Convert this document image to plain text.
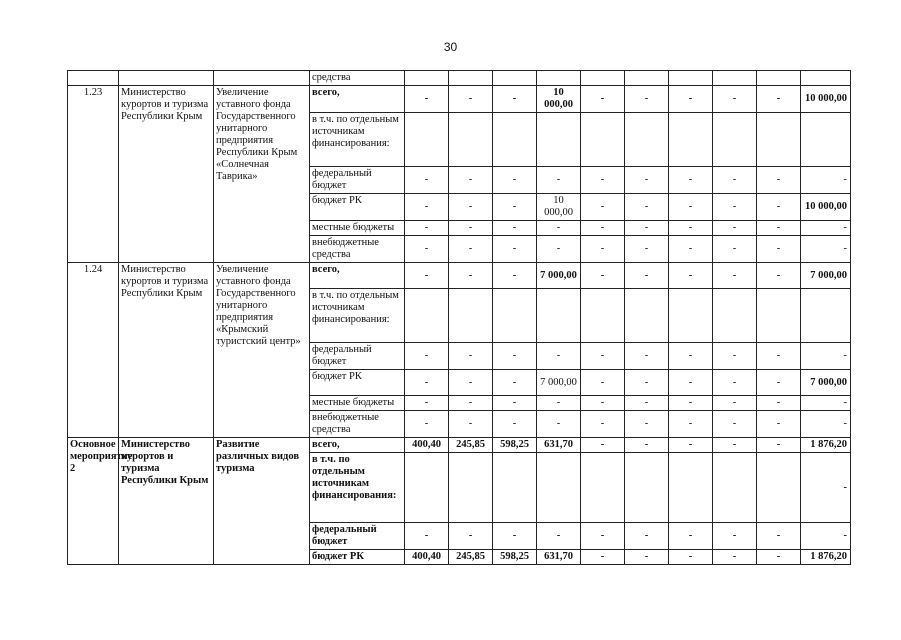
30
			средства										
1.23	Министерство курортов и туризма Республики Крым	Увеличение уставного фонда Государственного унитарного предприятия Республики Крым «Солнечная Таврика»	всего,	-	-	-	10 000,00	-	-	-	-	-	10 000,00
			в т.ч. по отдельным источникам финансирования:										
			федеральный бюджет	-	-	-	-	-	-	-	-	-	-
			бюджет РК	-	-	-	10 000,00	-	-	-	-	-	10 000,00
			местные бюджеты	-	-	-	-	-	-	-	-	-	-
			внебюджетные средства	-	-	-	-	-	-	-	-	-	-
1.24	Министерство курортов и туризма Республики Крым	Увеличение уставного фонда Государственного унитарного предприятия «Крымский туристский центр»	всего,	-	-	-	7 000,00	-	-	-	-	-	7 000,00
			в т.ч. по отдельным источникам финансирования:										
			федеральный бюджет	-	-	-	-	-	-	-	-	-	-
			бюджет РК	-	-	-	7 000,00	-	-	-	-	-	7 000,00
			местные бюджеты	-	-	-	-	-	-	-	-	-	-
			внебюджетные средства	-	-	-	-	-	-	-	-	-	-
Основное мероприятие 2	Министерство курортов и туризма Республики Крым	Развитие различных видов туризма	всего,	400,40	245,85	598,25	631,70	-	-	-	-	-	1 876,20
			в т.ч. по отдельным источникам финансирования:										-
			федеральный бюджет	-	-	-	-	-	-	-	-	-	-
			бюджет РК	400,40	245,85	598,25	631,70	-	-	-	-	-	1 876,20
